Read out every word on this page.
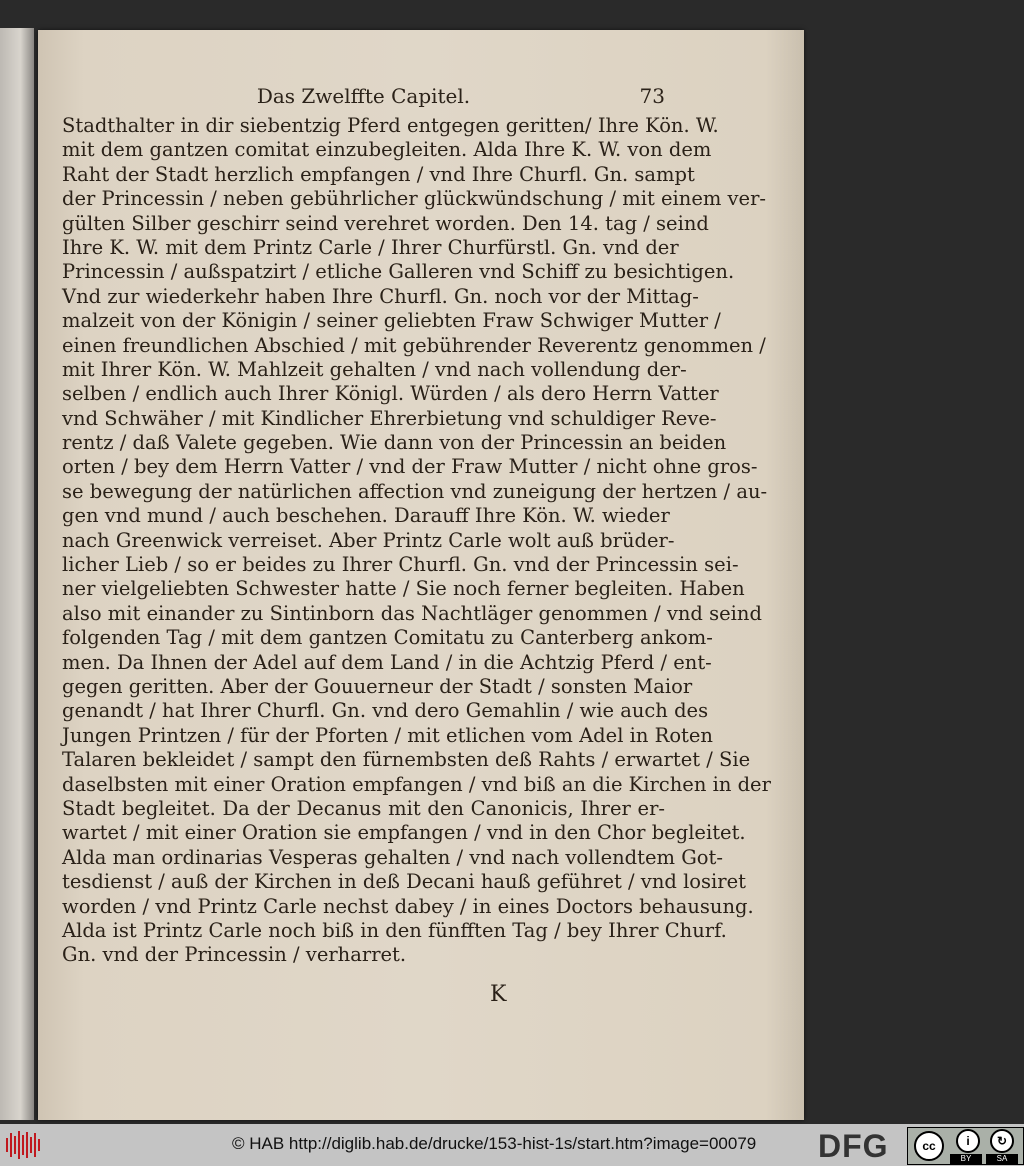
Das Zwelffte Capitel.	73
Stadthalter in dir siebentzig Pferd entgegen geritten/ Ihre Kön. W.
mit dem gantzen comitat einzubegleiten. Alda Ihre K. W. von dem
Raht der Stadt herzlich empfangen / vnd Ihre Churfl. Gn. sampt
der Princessin / neben gebührlicher glückwündschung / mit einem ver-
gülten Silber geschirr seind verehret worden. Den 14. tag / seind
Ihre K. W. mit dem Printz Carle / Ihrer Churfürstl. Gn. vnd der
Princessin / außspatzirt / etliche Galleren vnd Schiff zu besichtigen.
Vnd zur wiederkehr haben Ihre Churfl. Gn. noch vor der Mittag-
malzeit von der Königin / seiner geliebten Fraw Schwiger Mutter /
einen freundlichen Abschied / mit gebührender Reverentz genommen /
mit Ihrer Kön. W. Mahlzeit gehalten / vnd nach vollendung der-
selben / endlich auch Ihrer Königl. Würden / als dero Herrn Vatter
vnd Schwäher / mit Kindlicher Ehrerbietung vnd schuldiger Reve-
rentz / daß Valete gegeben. Wie dann von der Princessin an beiden
orten / bey dem Herrn Vatter / vnd der Fraw Mutter / nicht ohne gros-
se bewegung der natürlichen affection vnd zuneigung der hertzen / au-
gen vnd mund / auch beschehen. Darauff Ihre Kön. W. wieder
nach Greenwick verreiset. Aber Printz Carle wolt auß brüder-
licher Lieb / so er beides zu Ihrer Churfl. Gn. vnd der Princessin sei-
ner vielgeliebten Schwester hatte / Sie noch ferner begleiten. Haben
also mit einander zu Sintinborn das Nachtläger genommen / vnd seind
folgenden Tag / mit dem gantzen Comitatu zu Canterberg ankom-
men. Da Ihnen der Adel auf dem Land / in die Achtzig Pferd / ent-
gegen geritten. Aber der Gouuerneur der Stadt / sonsten Maior
genandt / hat Ihrer Churfl. Gn. vnd dero Gemahlin / wie auch des
Jungen Printzen / für der Pforten / mit etlichen vom Adel in Roten
Talaren bekleidet / sampt den fürnembsten deß Rahts / erwartet / Sie
daselbsten mit einer Oration empfangen / vnd biß an die Kirchen in der
Stadt begleitet. Da der Decanus mit den Canonicis, Ihrer er-
wartet / mit einer Oration sie empfangen / vnd in den Chor begleitet.
Alda man ordinarias Vesperas gehalten / vnd nach vollendtem Got-
tesdienst / auß der Kirchen in deß Decani hauß geführet / vnd losiret
worden / vnd Printz Carle nechst dabey / in eines Doctors behausung.
Alda ist Printz Carle noch biß in den fünfften Tag / bey Ihrer Churf.
Gn. vnd der Princessin / verharret.
K
© HAB http://diglib.hab.de/drucke/153-hist-1s/start.htm?image=00079 DFG	cc	i	↻
BY	SA
